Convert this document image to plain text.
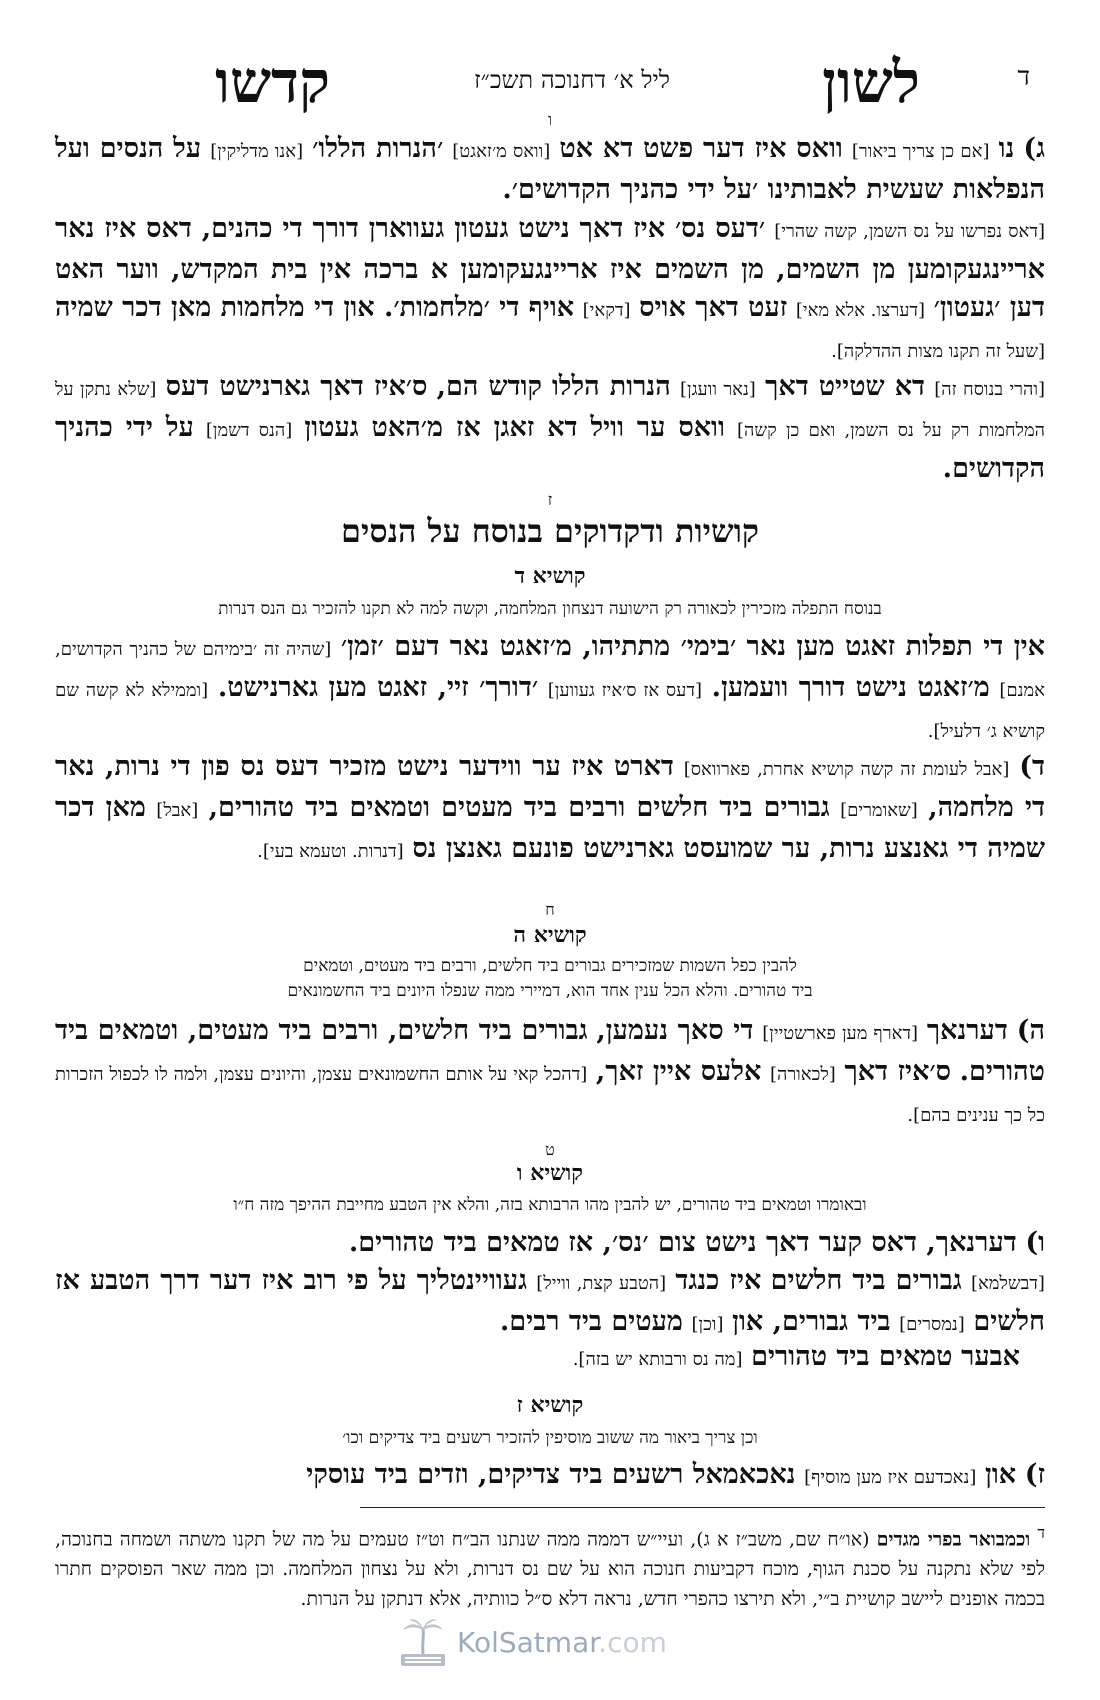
ד
לשון
ליל א׳ דחנוכה תשכ״ז
קדשו
ו
ג) נו [אם כן צריך ביאור] וואס איז דער פשט דא אט [וואס מ׳זאגט] ׳הנרות הללו׳ [אנו מדליקין] על הנסים ועל הנפלאות שעשית לאבותינו ׳על ידי כהניך הקדושים׳.
[דאס נפרשו על נס השמן, קשה שהרי] ׳דעס נס׳ איז דאך נישט געטון געווארן דורך די כהנים, דאס איז נאר אריינגעקומען מן השמים, מן השמים איז אריינגעקומען א ברכה אין בית המקדש, ווער האט דען ׳געטון׳ [דערצו. אלא מאי] זעט דאך אויס [דקאי] אויף די ׳מלחמות׳. און די מלחמות מאן דכר שמיה [שעל זה תקנו מצות ההדלקה].
[והרי בנוסח זה] דא שטייט דאך [נאר וועגן] הנרות הללו קודש הם, ס׳איז דאך גארנישט דעס [שלא נתקן על המלחמות רק על נס השמן, ואם כן קשה] וואס ער וויל דא זאגן אז מ׳האט געטון [הנס דשמן] על ידי כהניך הקדושים.
ז
קושיות ודקדוקים בנוסח על הנסים
קושיא ד
בנוסח התפלה מזכירין לכאורה רק הישועה דנצחון המלחמה, וקשה למה לא תקנו להזכיר גם הנס דנרות
אין די תפלות זאגט מען נאר ׳בימי׳ מתתיהו, מ׳זאגט נאר דעם ׳זמן׳ [שהיה זה ׳בימיהם של כהניך הקדושים, אמנם] מ׳זאגט נישט דורך וועמען. [דעס אז ס׳איז געווען] ׳דורך׳ זיי, זאגט מען גארנישט. [וממילא לא קשה שם קושיא ג׳ דלעיל].
ד) [אבל לעומת זה קשה קושיא אחרת, פארוואס] דארט איז ער ווידער נישט מזכיר דעס נס פון די נרות, נאר די מלחמה, [שאומרים] גבורים ביד חלשים ורבים ביד מעטים וטמאים ביד טהורים, [אבל] מאן דכר שמיה די גאנצע נרות, ער שמועסט גארנישט פונעם גאנצן נס [דנרות. וטעמא בעי].
ח
קושיא ה
להבין כפל השמות שמזכירים גבורים ביד חלשים, ורבים ביד מעטים, וטמאים
ביד טהורים. והלא הכל ענין אחד הוא, דמיירי ממה שנפלו היונים ביד החשמונאים
ה) דערנאך [דארף מען פארשטיין] די סאך נעמען, גבורים ביד חלשים, ורבים ביד מעטים, וטמאים ביד טהורים. ס׳איז דאך [לכאורה] אלעס איין זאך, [דהכל קאי על אותם החשמונאים עצמן, והיונים עצמן, ולמה לו לכפול הזכרות כל כך ענינים בהם].
ט
קושיא ו
ובאומרו וטמאים ביד טהורים, יש להבין מהו הרבותא בזה, והלא אין הטבע מחייבת ההיפך מזה ח״ו
ו) דערנאך, דאס קער דאך נישט צום ׳נס׳, אז טמאים ביד טהורים.
[דבשלמא] גבורים ביד חלשים איז כנגד [הטבע קצת, ווייל] געוויינטליך על פי רוב איז דער דרך הטבע אז חלשים [נמסרים] ביד גבורים, און [וכן] מעטים ביד רבים.
אבער טמאים ביד טהורים [מה נס ורבותא יש בזה].
קושיא ז
וכן צריך ביאור מה ששוב מוסיפין להזכיר רשעים ביד צדיקים וכו׳
ז) און [נאכדעם איז מען מוסיף] נאכאמאל רשעים ביד צדיקים, וזדים ביד עוסקי
$^ד$ וכמבואר בפרי מגדים (או״ח שם, משב״ז א ג), ועיי״ש דממה ממה שנתנו הב״ח וט״ז טעמים על מה של תקנו משתה ושמחה בחנוכה, לפי שלא נתקנה על סכנת הגוף, מוכח דקביעות חנוכה הוא על שם נס דנרות, ולא על נצחון המלחמה. וכן ממה שאר הפוסקים חתרו בכמה אופנים ליישב קושיית ב״י, ולא תירצו כהפרי חדש, נראה דלא ס״ל כוותיה, אלא דנתקן על הנרות.
KolSatmar.com
